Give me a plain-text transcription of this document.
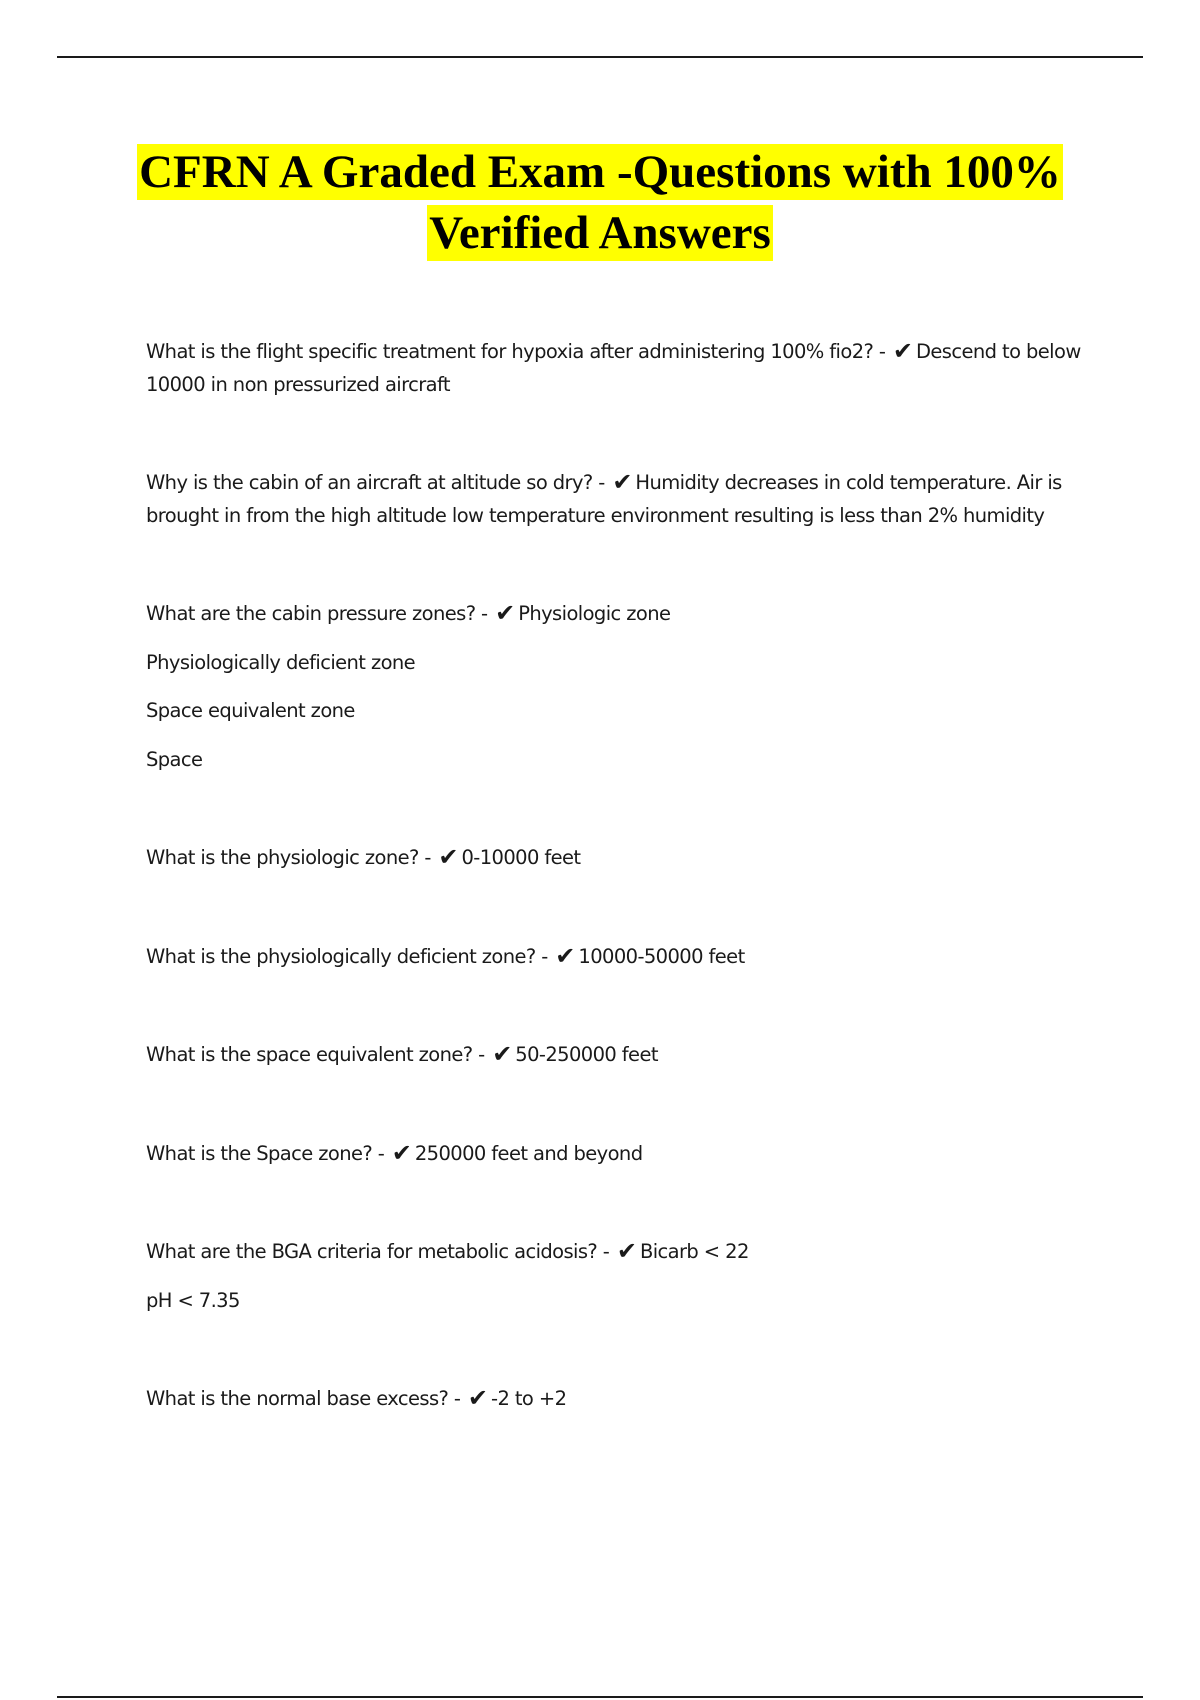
CFRN A Graded Exam -Questions with 100%
Verified Answers
What is the flight specific treatment for hypoxia after administering 100% fio2? - ✔ Descend to below 10000 in non pressurized aircraft
Why is the cabin of an aircraft at altitude so dry? - ✔ Humidity decreases in cold temperature. Air is brought in from the high altitude low temperature environment resulting is less than 2% humidity
What are the cabin pressure zones? - ✔ Physiologic zone
Physiologically deficient zone
Space equivalent zone
Space
What is the physiologic zone? - ✔ 0-10000 feet
What is the physiologically deficient zone? - ✔ 10000-50000 feet
What is the space equivalent zone? - ✔ 50-250000 feet
What is the Space zone? - ✔ 250000 feet and beyond
What are the BGA criteria for metabolic acidosis? - ✔ Bicarb < 22
pH < 7.35
What is the normal base excess? - ✔ -2 to +2
